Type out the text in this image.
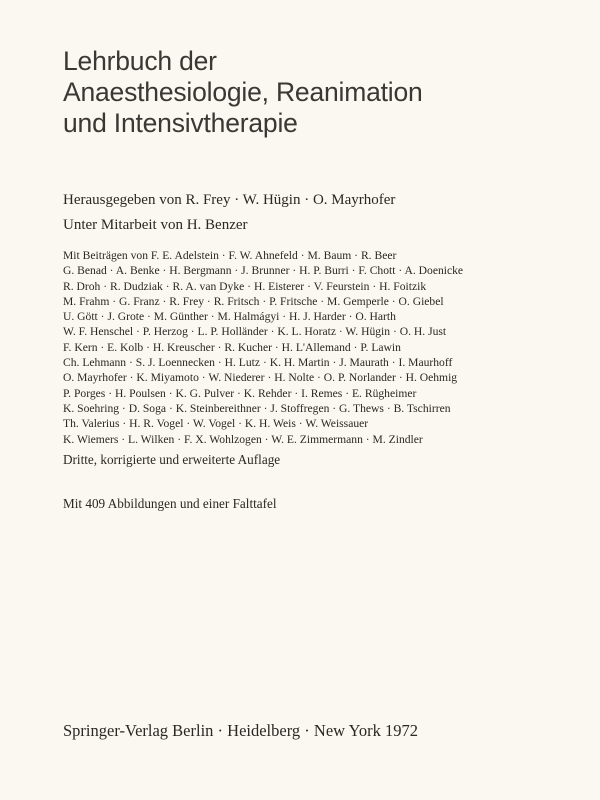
Lehrbuch der
Anaesthesiologie, Reanimation
und Intensivtherapie
Herausgegeben von R. Frey · W. Hügin · O. Mayrhofer
Unter Mitarbeit von H. Benzer
Mit Beiträgen von F. E. Adelstein · F. W. Ahnefeld · M. Baum · R. Beer
G. Benad · A. Benke · H. Bergmann · J. Brunner · H. P. Burri · F. Chott · A. Doenicke
R. Droh · R. Dudziak · R. A. van Dyke · H. Eisterer · V. Feurstein · H. Foitzik
M. Frahm · G. Franz · R. Frey · R. Fritsch · P. Fritsche · M. Gemperle · O. Giebel
U. Gött · J. Grote · M. Günther · M. Halmágyi · H. J. Harder · O. Harth
W. F. Henschel · P. Herzog · L. P. Holländer · K. L. Horatz · W. Hügin · O. H. Just
F. Kern · E. Kolb · H. Kreuscher · R. Kucher · H. L'Allemand · P. Lawin
Ch. Lehmann · S. J. Loennecken · H. Lutz · K. H. Martin · J. Maurath · I. Maurhoff
O. Mayrhofer · K. Miyamoto · W. Niederer · H. Nolte · O. P. Norlander · H. Oehmig
P. Porges · H. Poulsen · K. G. Pulver · K. Rehder · I. Remes · E. Rügheimer
K. Soehring · D. Soga · K. Steinbereithner · J. Stoffregen · G. Thews · B. Tschirren
Th. Valerius · H. R. Vogel · W. Vogel · K. H. Weis · W. Weissauer
K. Wiemers · L. Wilken · F. X. Wohlzogen · W. E. Zimmermann · M. Zindler
Dritte, korrigierte und erweiterte Auflage
Mit 409 Abbildungen und einer Falttafel
Springer-Verlag Berlin · Heidelberg · New York 1972
